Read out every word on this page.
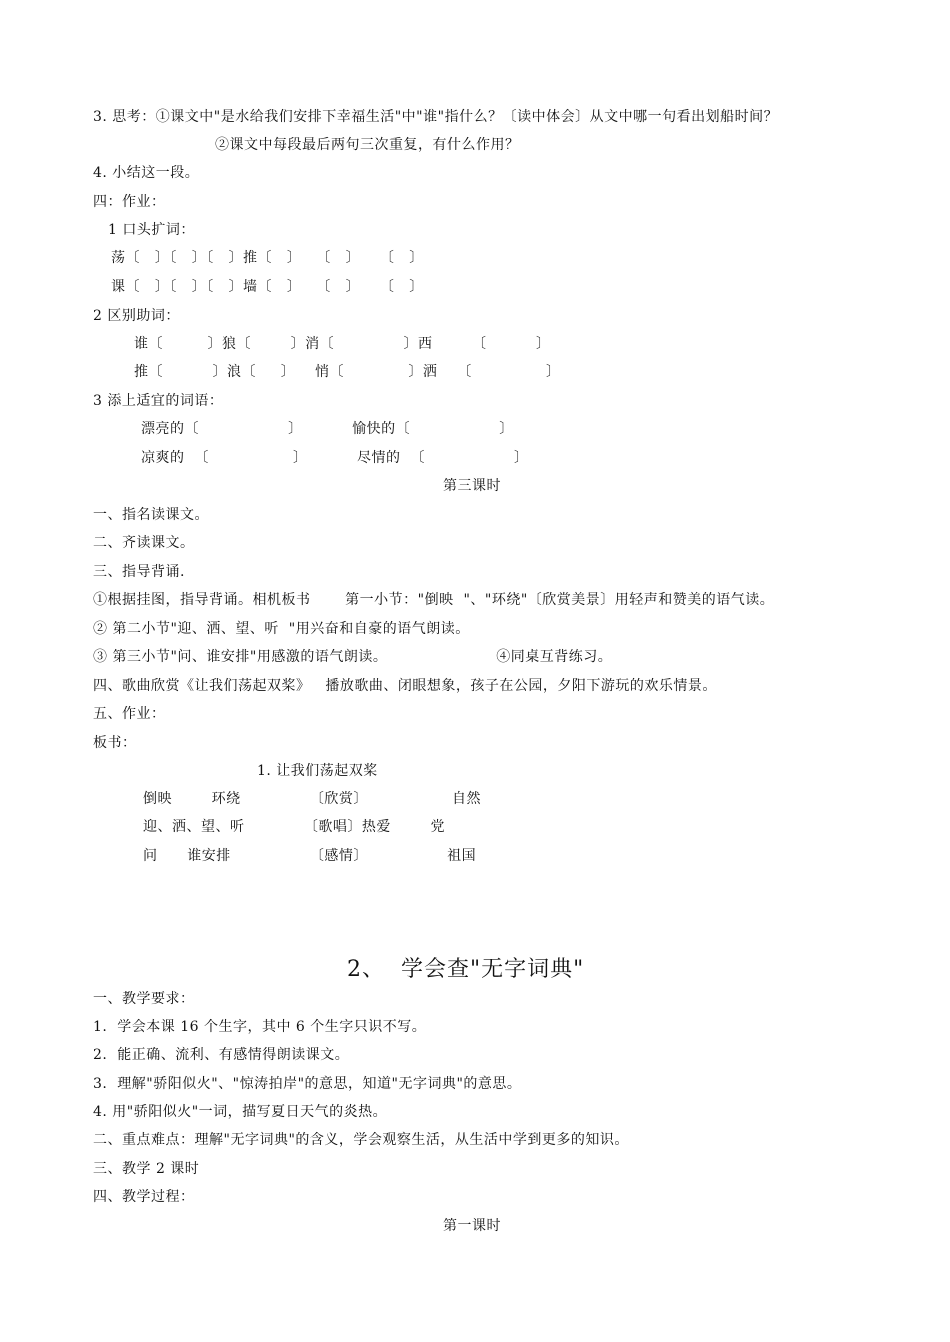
3. 思考：①课文中"是水给我们安排下幸福生活"中"谁"指什么？〔读中体会〕从文中哪一句看出划船时间？
②课文中每段最后两句三次重复，有什么作用？
4. 小结这一段。
四：作业：
1 口头扩词：
荡〔   〕〔   〕〔   〕推〔   〕   〔   〕    〔   〕
课〔   〕〔   〕〔   〕墙〔   〕   〔   〕    〔   〕
2 区别助词：
谁〔         〕狼〔        〕消〔              〕西        〔          〕
推〔          〕浪〔     〕    悄〔             〕洒    〔               〕
3 添上适宜的词语：
漂亮的〔                  〕          愉快的〔                  〕
凉爽的  〔                 〕          尽情的  〔                  〕
第三课时
一、指名读课文。
二、齐读课文。
三、指导背诵.
①根据挂图，指导背诵。相机板书       第一小节："倒映  "、"环绕"〔欣赏美景〕用轻声和赞美的语气读。
② 第二小节"迎、洒、望、听  "用兴奋和自豪的语气朗读。
③ 第三小节"问、谁安排"用感激的语气朗读。                      ④同桌互背练习。
四、歌曲欣赏《让我们荡起双桨》   播放歌曲、闭眼想象，孩子在公园，夕阳下游玩的欢乐情景。
五、作业：
板书：
1. 让我们荡起双桨
倒映        环绕              〔欣赏〕                 自然
迎、洒、望、听            〔歌唱〕热爱        党
问      谁安排                〔感情〕                祖国
2、  学会查"无字词典"
一、教学要求：
1.  学会本课 16 个生字，其中 6 个生字只识不写。
2.  能正确、流利、有感情得朗读课文。
3.  理解"骄阳似火"、"惊涛拍岸"的意思，知道"无字词典"的意思。
4. 用"骄阳似火"一词，描写夏日天气的炎热。
二、重点难点：理解"无字词典"的含义，学会观察生活，从生活中学到更多的知识。
三、教学 2 课时
四、教学过程：
第一课时
